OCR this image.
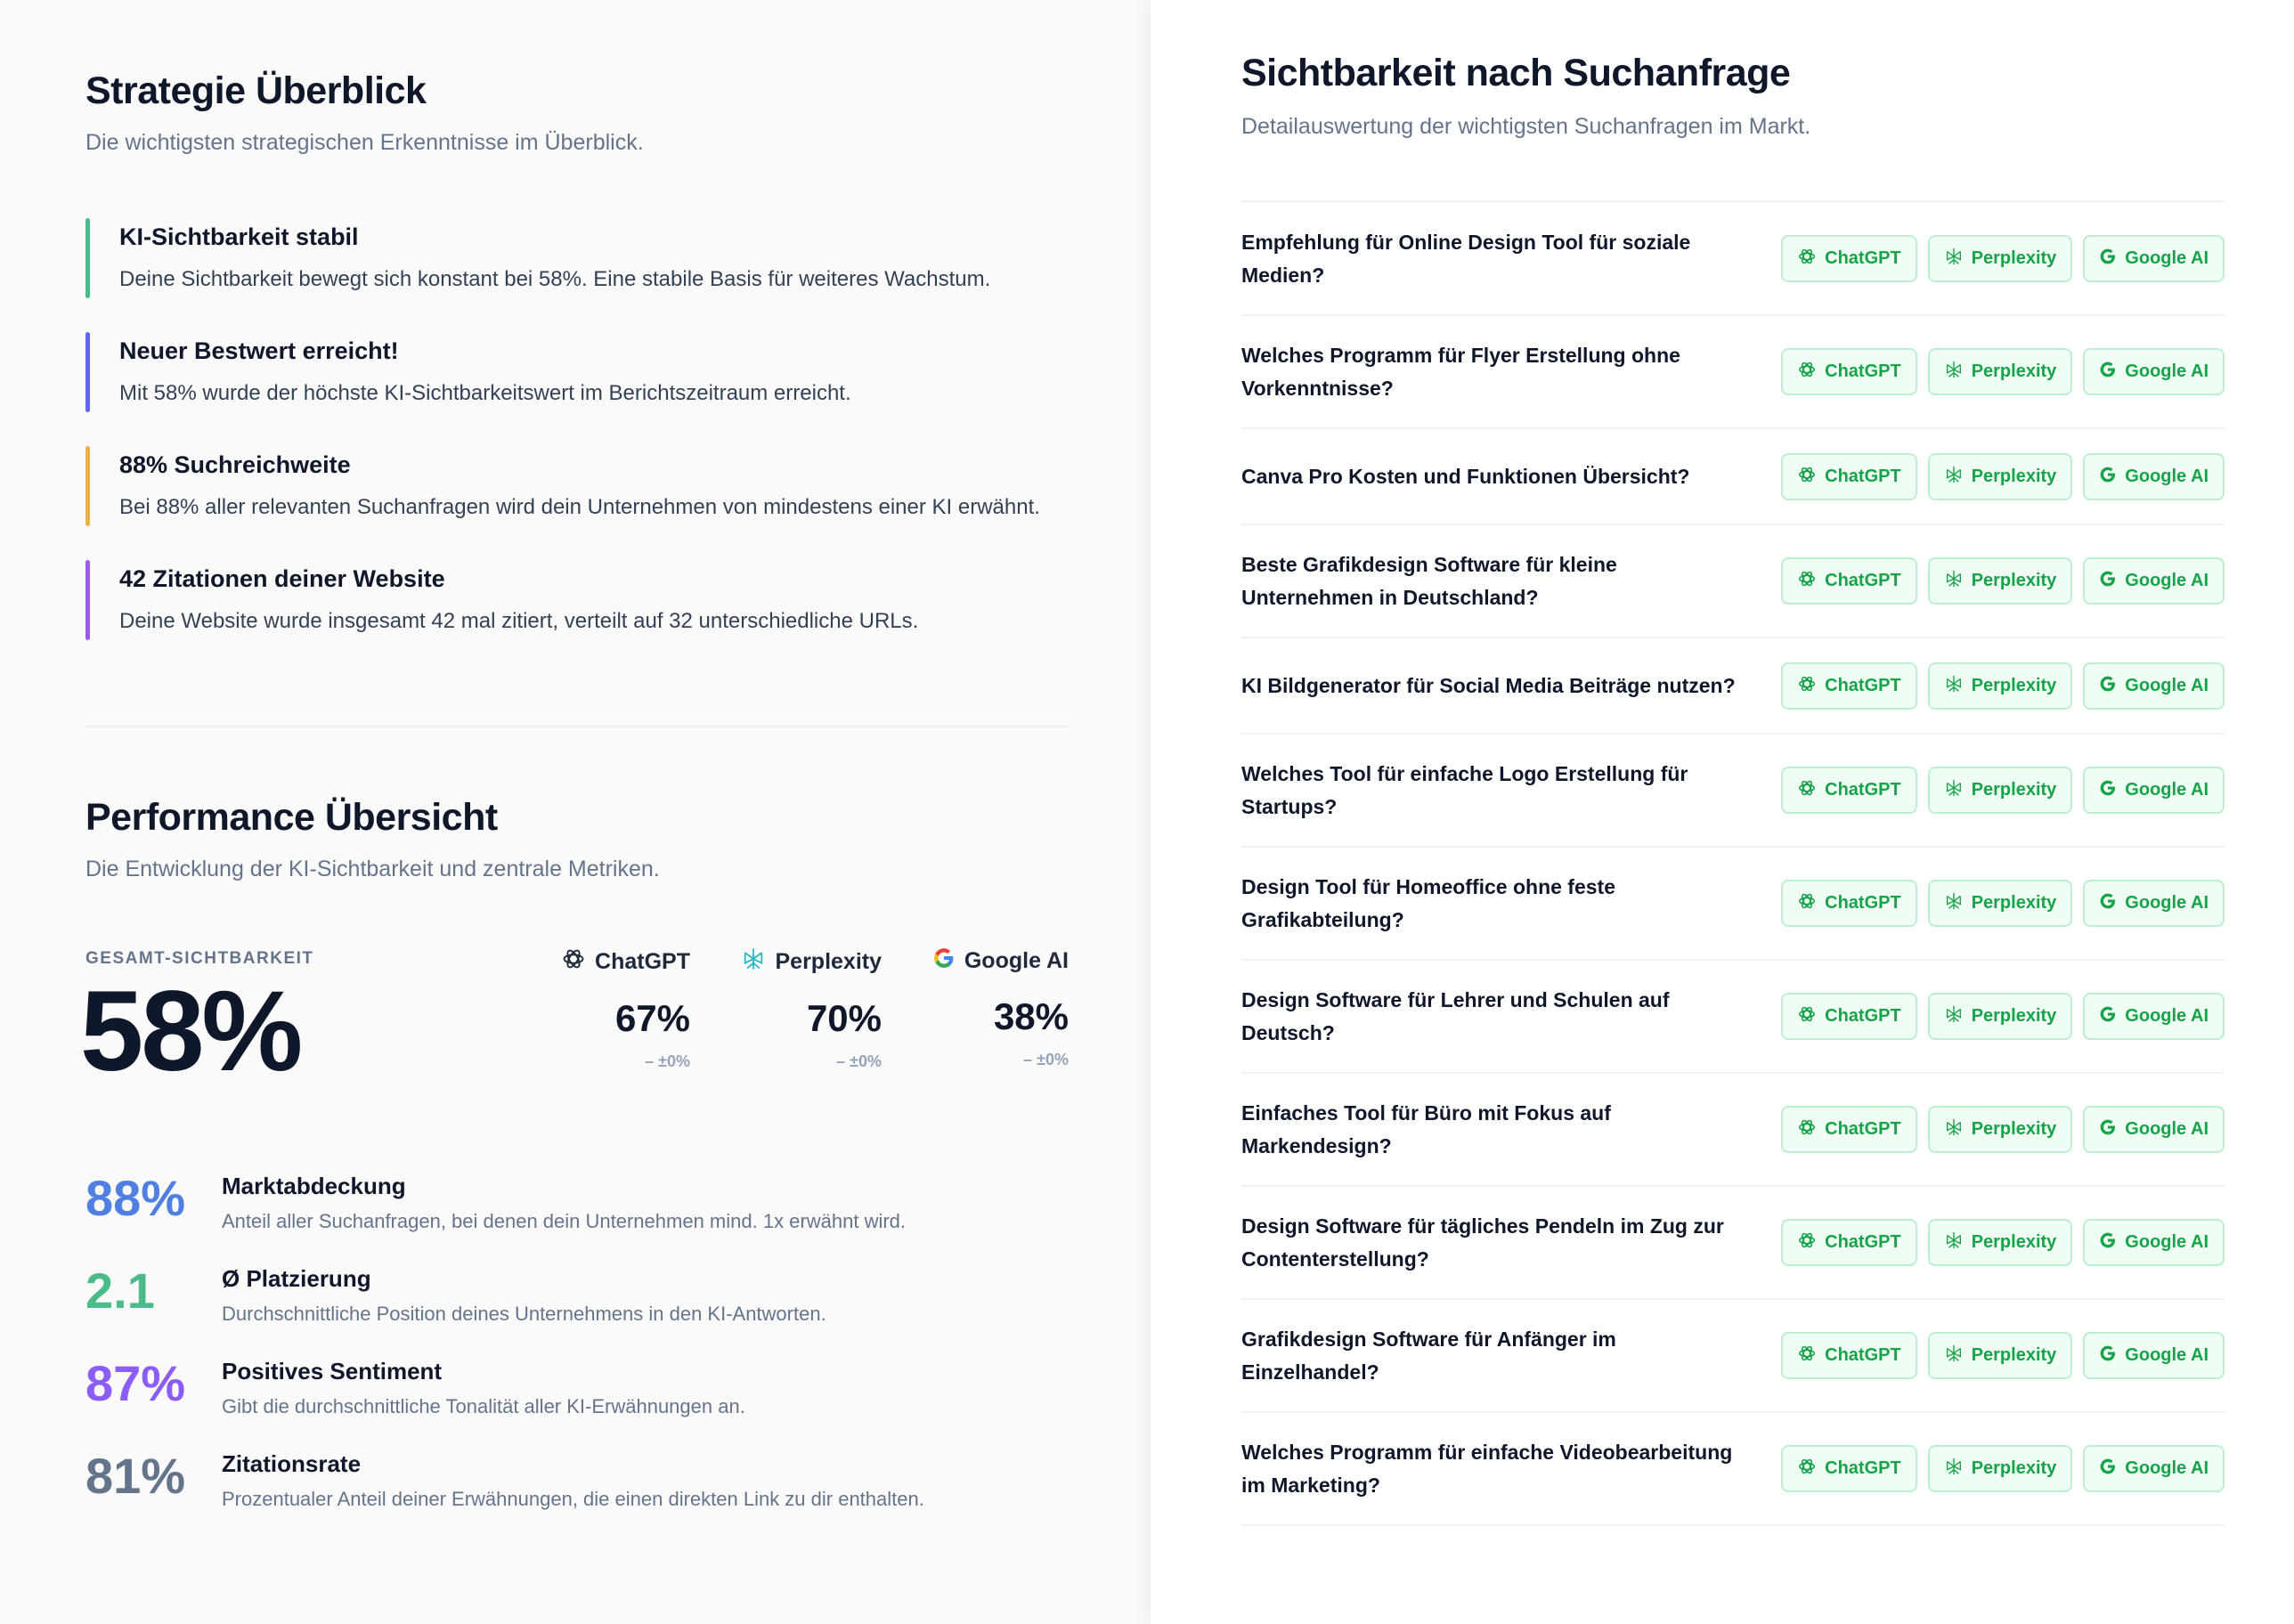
Strategie Überblick
Die wichtigsten strategischen Erkenntnisse im Überblick.
KI-Sichtbarkeit stabil
Deine Sichtbarkeit bewegt sich konstant bei 58%. Eine stabile Basis für weiteres Wachstum.
Neuer Bestwert erreicht!
Mit 58% wurde der höchste KI-Sichtbarkeitswert im Berichtszeitraum erreicht.
88% Suchreichweite
Bei 88% aller relevanten Suchanfragen wird dein Unternehmen von mindestens einer KI erwähnt.
42 Zitationen deiner Website
Deine Website wurde insgesamt 42 mal zitiert, verteilt auf 32 unterschiedliche URLs.
Performance Übersicht
Die Entwicklung der KI-Sichtbarkeit und zentrale Metriken.
GESAMT-SICHTBARKEIT
58%
ChatGPT
67%
– ±0%
Perplexity
70%
– ±0%
Google AI
38%
– ±0%
88% Marktabdeckung
Anteil aller Suchanfragen, bei denen dein Unternehmen mind. 1x erwähnt wird.
2.1	Ø Platzierung
Durchschnittliche Position deines Unternehmens in den KI-Antworten.
87% Positives Sentiment
Gibt die durchschnittliche Tonalität aller KI-Erwähnungen an.
81% Zitationsrate
Prozentualer Anteil deiner Erwähnungen, die einen direkten Link zu dir enthalten.
Sichtbarkeit nach Suchanfrage
Detailauswertung der wichtigsten Suchanfragen im Markt.
Empfehlung für Online Design Tool für soziale Medien?
ChatGPT	Perplexity	Google AI
Welches Programm für Flyer Erstellung ohne Vorkenntnisse?
ChatGPT	Perplexity	Google AI
Canva Pro Kosten und Funktionen Übersicht?	ChatGPT	Perplexity	Google AI
Beste Grafikdesign Software für kleine Unternehmen in Deutschland?
ChatGPT	Perplexity	Google AI
KI Bildgenerator für Social Media Beiträge nutzen?	ChatGPT	Perplexity	Google AI
Welches Tool für einfache Logo Erstellung für Startups?
ChatGPT	Perplexity	Google AI
Design Tool für Homeoffice ohne feste Grafikabteilung?
ChatGPT	Perplexity	Google AI
Design Software für Lehrer und Schulen auf Deutsch?
ChatGPT	Perplexity	Google AI
Einfaches Tool für Büro mit Fokus auf Markendesign?
ChatGPT	Perplexity	Google AI
Design Software für tägliches Pendeln im Zug zur Contenterstellung?
ChatGPT	Perplexity	Google AI
Grafikdesign Software für Anfänger im Einzelhandel?
ChatGPT	Perplexity	Google AI
Welches Programm für einfache Videobearbeitung im Marketing?
ChatGPT	Perplexity	Google AI
